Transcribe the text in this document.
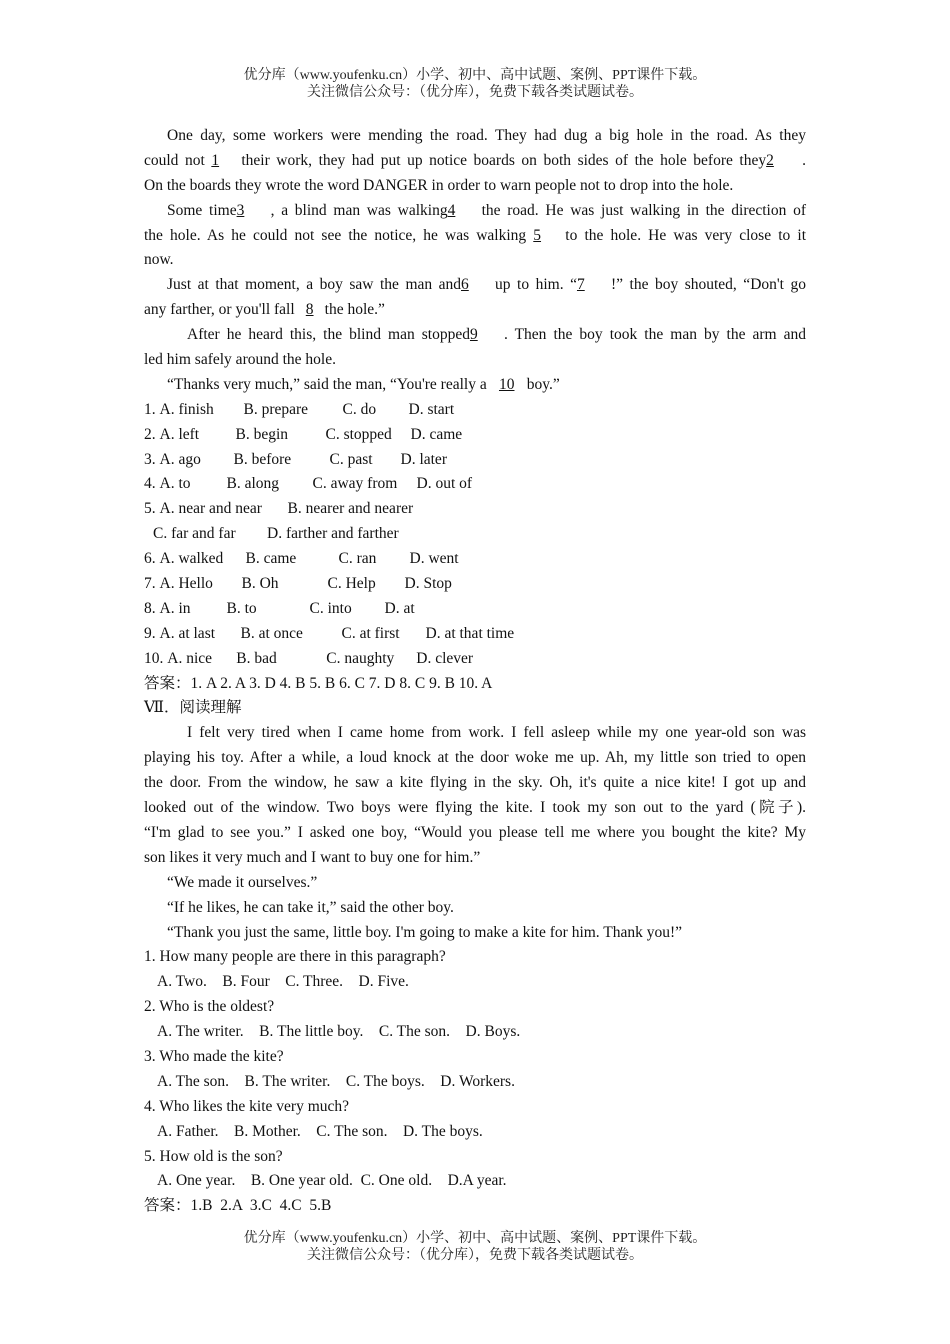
优分库（www.youfenku.cn）小学、初中、高中试题、案例、PPT课件下载。
关注微信公众号：（优分库），免费下载各类试题试卷。
One day, some workers were mending the road. They had dug a big hole in the road. As they
could not 1 their work, they had put up notice boards on both sides of the hole before they2 .
On the boards they wrote the word DANGER in order to warn people not to drop into the hole.
Some time3 , a blind man was walking4 the road. He was just walking in the direction of
the hole. As he could not see the notice, he was walking 5 to the hole. He was very close to it
now.
Just at that moment, a boy saw the man and6 up to him. “7 !” the boy shouted, “Don't go
any farther, or you'll fall 8 the hole.”
After he heard this, the blind man stopped9 . Then the boy took the man by the arm and
led him safely around the hole.
“Thanks very much,” said the man, “You're really a 10 boy.”
1. A. finish B. prepare C. do D. start
2. A. left B. begin C. stopped D. came
3. A. ago B. before C. past D. later
4. A. to B. along C. away from D. out of
5. A. near and near B. nearer and nearer
C. far and far D. farther and farther
6. A. walked B. came	C. ran D. went
7. A. Hello B. Oh	C. Help D. Stop
8. A. in B. to	C. into D. at
9. A. at last B. at once C. at first D. at that time
10. A. nice B. bad	C. naughty D. clever
答案：1. A 2. A 3. D 4. B 5. B 6. C 7. D 8. C 9. B 10. A
Ⅶ．阅读理解
I felt very tired when I came home from work. I fell asleep while my one year-old son was
playing his toy. After a while, a loud knock at the door woke me up. Ah, my little son tried to open
the door. From the window, he saw a kite flying in the sky. Oh, it's quite a nice kite! I got up and
looked out of the window. Two boys were flying the kite. I took my son out to the yard (院子).
“I'm glad to see you.” I asked one boy, “Would you please tell me where you bought the kite? My
son likes it very much and I want to buy one for him.”
“We made it ourselves.”
“If he likes, he can take it,” said the other boy.
“Thank you just the same, little boy. I'm going to make a kite for him. Thank you!”
1. How many people are there in this paragraph?
A. Two.    B. Four    C. Three.    D. Five.
2. Who is the oldest?
A. The writer.    B. The little boy.    C. The son.    D. Boys.
3. Who made the kite?
A. The son.    B. The writer.    C. The boys.    D. Workers.
4. Who likes the kite very much?
A. Father.    B. Mother.    C. The son.    D. The boys.
5. How old is the son?
A. One year.    B. One year old.  C. One old.    D.A year.
答案：1.B  2.A  3.C  4.C  5.B
优分库（www.youfenku.cn）小学、初中、高中试题、案例、PPT课件下载。
关注微信公众号：（优分库），免费下载各类试题试卷。
